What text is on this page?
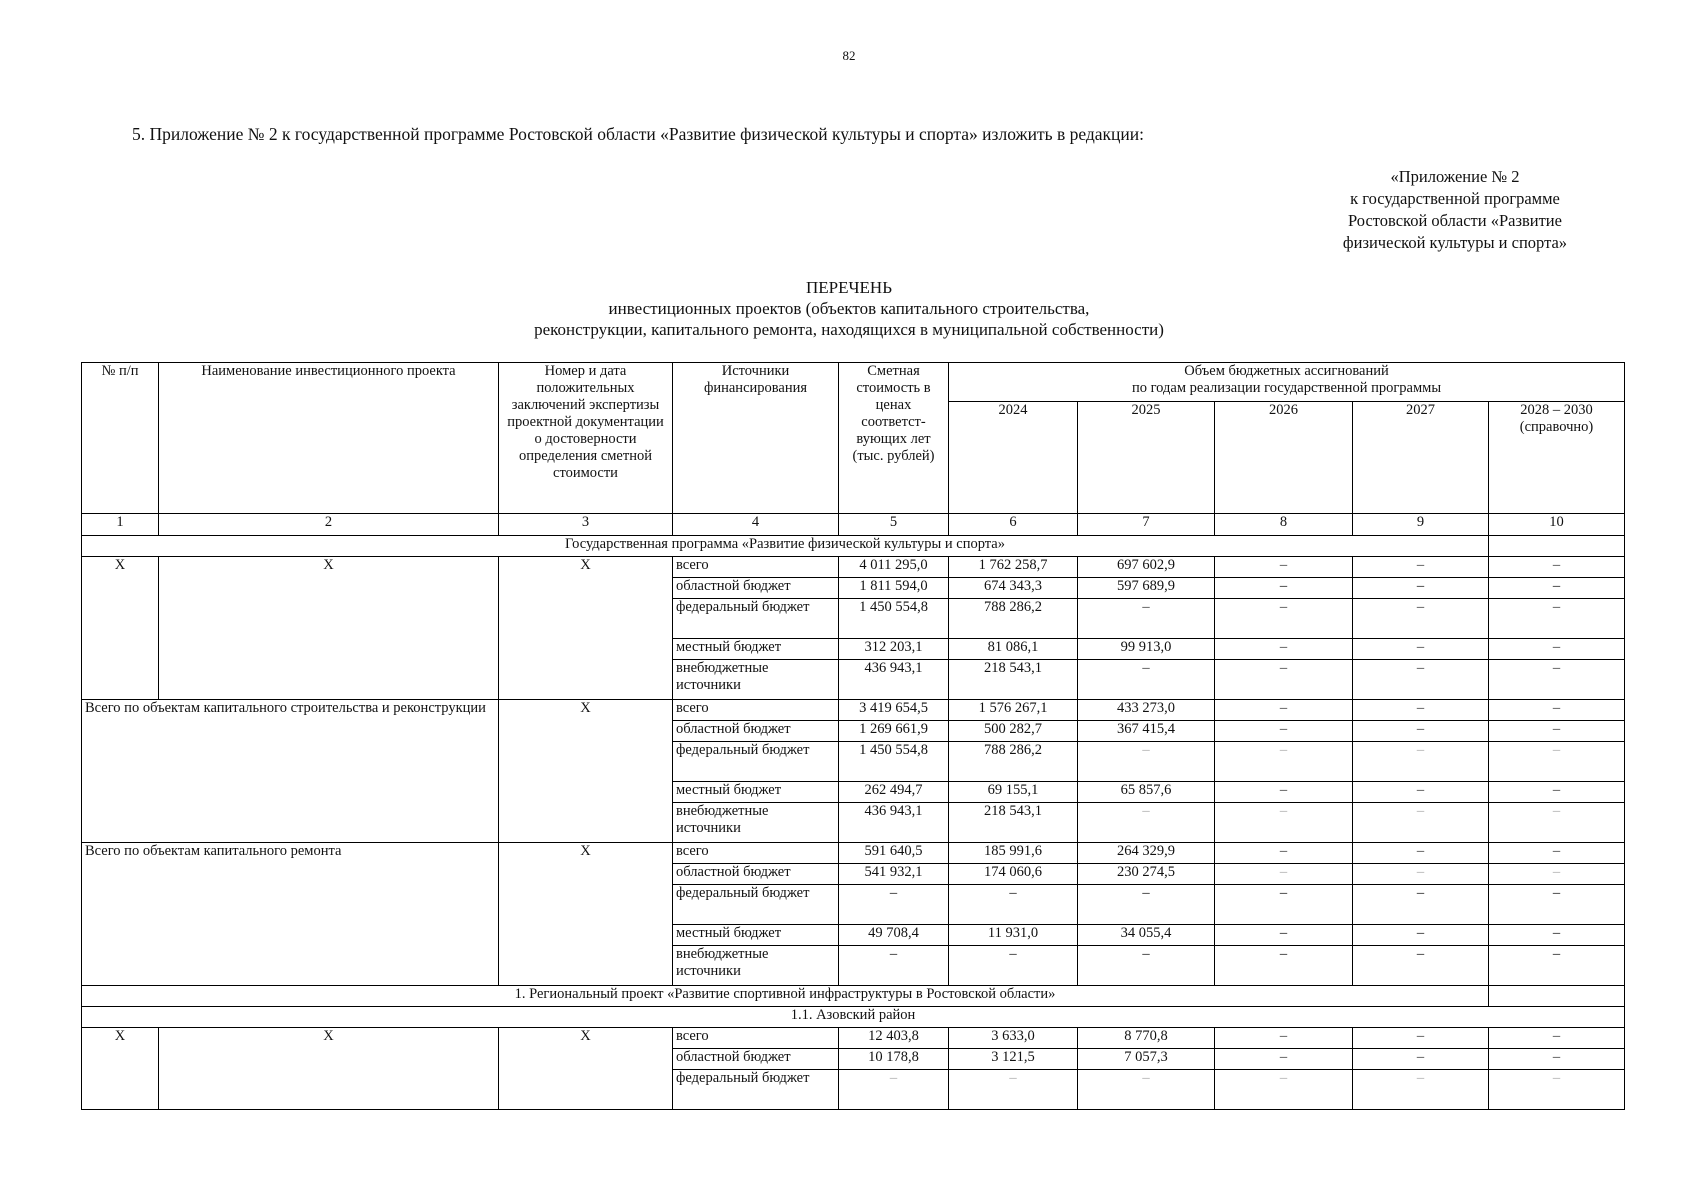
82
5. Приложение № 2 к государственной программе Ростовской области «Развитие физической культуры и спорта» изложить в редакции:
«Приложение № 2
к государственной программе
Ростовской области «Развитие
физической культуры и спорта»
ПЕРЕЧЕНЬ
инвестиционных проектов (объектов капитального строительства,
реконструкции, капитального ремонта, находящихся в муниципальной собственности)
№ п/п	Наименование инвестиционного проекта	Номер и дата положительных заключений экспертизы проектной документации о достоверности определения сметной стоимости	Источники финансирования	Сметная стоимость в ценах соответст-вующих лет (тыс. рублей)	Объем бюджетных ассигнований
по годам реализации государственной программы				

					2024	2025	2026	2027	2028 – 2030 (справочно)
1	2	3	4	5	6	7	8	9	10
Государственная программа «Развитие физической культуры и спорта»									
Х	Х	Х	всего	4 011 295,0	1 762 258,7	697 602,9	–	–	–
			областной бюджет	1 811 594,0	674 343,3	597 689,9	–	–	–
			федеральный бюджет	1 450 554,8	788 286,2	–	–	–	–
			местный бюджет	312 203,1	81 086,1	99 913,0	–	–	–
			внебюджетные источники	436 943,1	218 543,1	–	–	–	–
Всего по объектам капитального строительства и реконструкции		Х	всего	3 419 654,5	1 576 267,1	433 273,0	–	–	–
			областной бюджет	1 269 661,9	500 282,7	367 415,4	–	–	–
			федеральный бюджет	1 450 554,8	788 286,2	–	–	–	–
			местный бюджет	262 494,7	69 155,1	65 857,6	–	–	–
			внебюджетные источники	436 943,1	218 543,1	–	–	–	–
Всего по объектам капитального ремонта		Х	всего	591 640,5	185 991,6	264 329,9	–	–	–
			областной бюджет	541 932,1	174 060,6	230 274,5	–	–	–
			федеральный бюджет	–	–	–	–	–	–
			местный бюджет	49 708,4	11 931,0	34 055,4	–	–	–
			внебюджетные источники	–	–	–	–	–	–
1. Региональный проект «Развитие спортивной инфраструктуры в Ростовской области»									
1.1. Азовский район									
Х	Х	Х	всего	12 403,8	3 633,0	8 770,8	–	–	–
			областной бюджет	10 178,8	3 121,5	7 057,3	–	–	–
			федеральный бюджет	–	–	–	–	–	–
